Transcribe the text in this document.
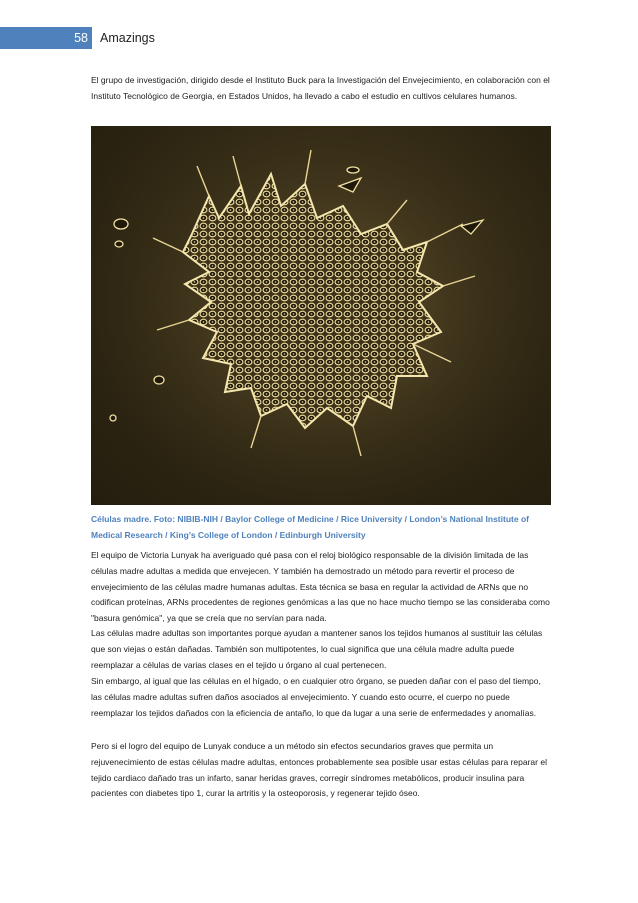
58 Amazings

El grupo de investigación, dirigido desde el Instituto Buck para la Investigación del Envejecimiento, en colaboración con el Instituto Tecnológico de Georgia, en Estados Unidos, ha llevado a cabo el estudio en cultivos celulares humanos.

Células madre. Foto: NIBIB-NIH / Baylor College of Medicine / Rice University / London’s National Institute of Medical Research / King’s College of London / Edinburgh University

El equipo de Victoria Lunyak ha averiguado qué pasa con el reloj biológico responsable de la división limitada de las células madre adultas a medida que envejecen. Y también ha demostrado un método para revertir el proceso de envejecimiento de las células madre humanas adultas. Esta técnica se basa en regular la actividad de ARNs que no codifican proteínas, ARNs procedentes de regiones genómicas a las que no hace mucho tiempo se las consideraba como "basura genómica", ya que se creía que no servían para nada.

Las células madre adultas son importantes porque ayudan a mantener sanos los tejidos humanos al sustituir las células que son viejas o están dañadas. También son multipotentes, lo cual significa que una célula madre adulta puede reemplazar a células de varias clases en el tejido u órgano al cual pertenecen.

Sin embargo, al igual que las células en el hígado, o en cualquier otro órgano, se pueden dañar con el paso del tiempo, las células madre adultas sufren daños asociados al envejecimiento. Y cuando esto ocurre, el cuerpo no puede reemplazar los tejidos dañados con la eficiencia de antaño, lo que da lugar a una serie de enfermedades y anomalías.

Pero si el logro del equipo de Lunyak conduce a un método sin efectos secundarios graves que permita un rejuvenecimiento de estas células madre adultas, entonces probablemente sea posible usar estas células para reparar el tejido cardiaco dañado tras un infarto, sanar heridas graves, corregir síndromes metabólicos, producir insulina para pacientes con diabetes tipo 1, curar la artritis y la osteoporosis, y regenerar tejido óseo.
